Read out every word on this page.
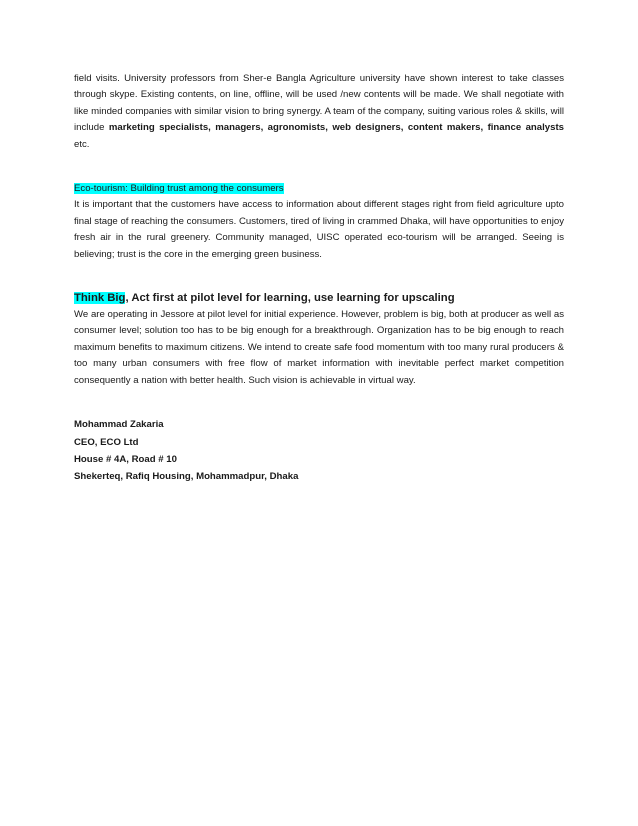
field visits. University professors from Sher-e Bangla Agriculture university have shown interest to take classes through skype. Existing contents, on line, offline, will be used /new contents will be made. We shall negotiate with like minded companies with similar vision to bring synergy. A team of the company, suiting various roles & skills, will include marketing specialists, managers, agronomists, web designers, content makers, finance analysts etc.

Eco-tourism: Building trust among the consumers

It is important that the customers have access to information about different stages right from field agriculture upto final stage of reaching the consumers. Customers, tired of living in crammed Dhaka, will have opportunities to enjoy fresh air in the rural greenery. Community managed, UISC operated eco-tourism will be arranged. Seeing is believing; trust is the core in the emerging green business.

Think Big, Act first at pilot level for learning, use learning for upscaling

We are operating in Jessore at pilot level for initial experience. However, problem is big, both at producer as well as consumer level; solution too has to be big enough for a breakthrough. Organization has to be big enough to reach maximum benefits to maximum citizens. We intend to create safe food momentum with too many rural producers & too many urban consumers with free flow of market information with inevitable perfect market competition consequently a nation with better health. Such vision is achievable in virtual way.

Mohammad Zakaria
CEO, ECO Ltd
House # 4A, Road # 10
Shekerteq, Rafiq Housing, Mohammadpur, Dhaka
